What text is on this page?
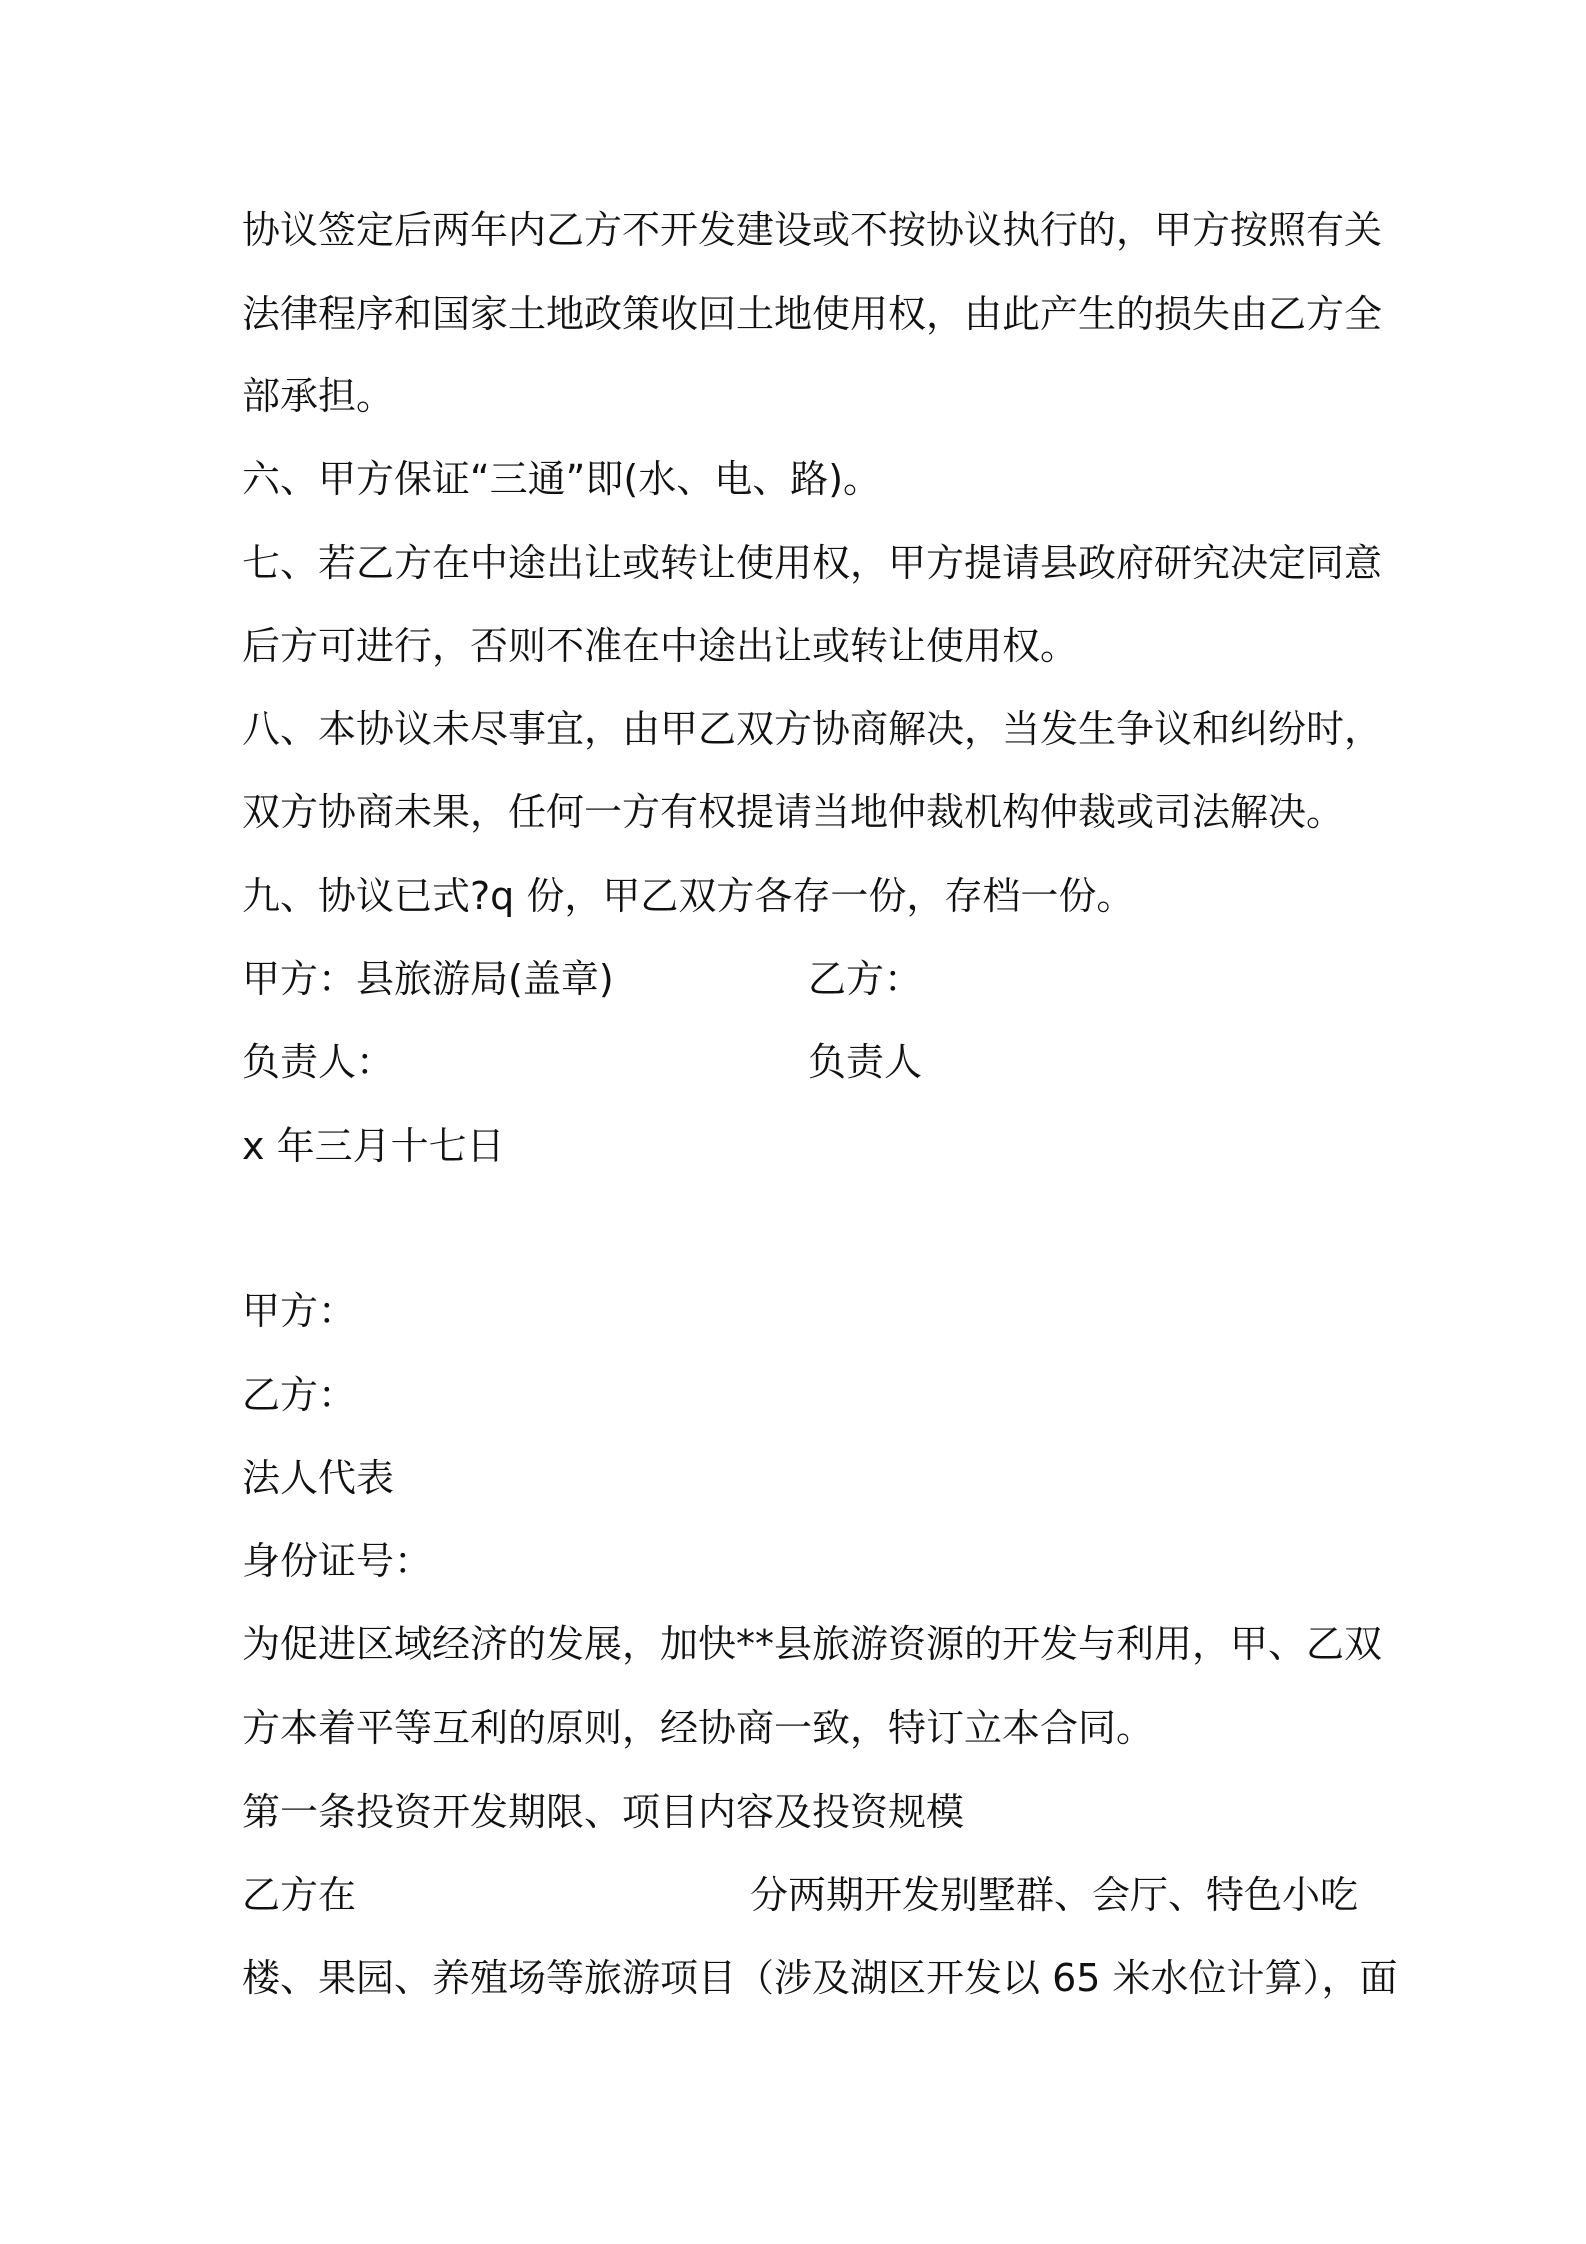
协议签定后两年内乙方不开发建设或不按协议执行的，甲方按照有关
法律程序和国家土地政策收回土地使用权，由此产生的损失由乙方全
部承担。
六、甲方保证“三通”即(水、电、路)。
七、若乙方在中途出让或转让使用权，甲方提请县政府研究决定同意
后方可进行，否则不准在中途出让或转让使用权。
八、本协议未尽事宜，由甲乙双方协商解决，当发生争议和纠纷时，
双方协商未果，任何一方有权提请当地仲裁机构仲裁或司法解决。
九、协议已式?q 份，甲乙双方各存一份，存档一份。
甲方：县旅游局(盖章)	乙方：
负责人：	负责人
x 年三月十七日
甲方：
乙方：
法人代表
身份证号：
为促进区域经济的发展，加快**县旅游资源的开发与利用，甲、乙双
方本着平等互利的原则，经协商一致，特订立本合同。
第一条投资开发期限、项目内容及投资规模
乙方在	分两期开发别墅群、会厅、特色小吃
楼、果园、养殖场等旅游项目（涉及湖区开发以 65 米水位计算），面
